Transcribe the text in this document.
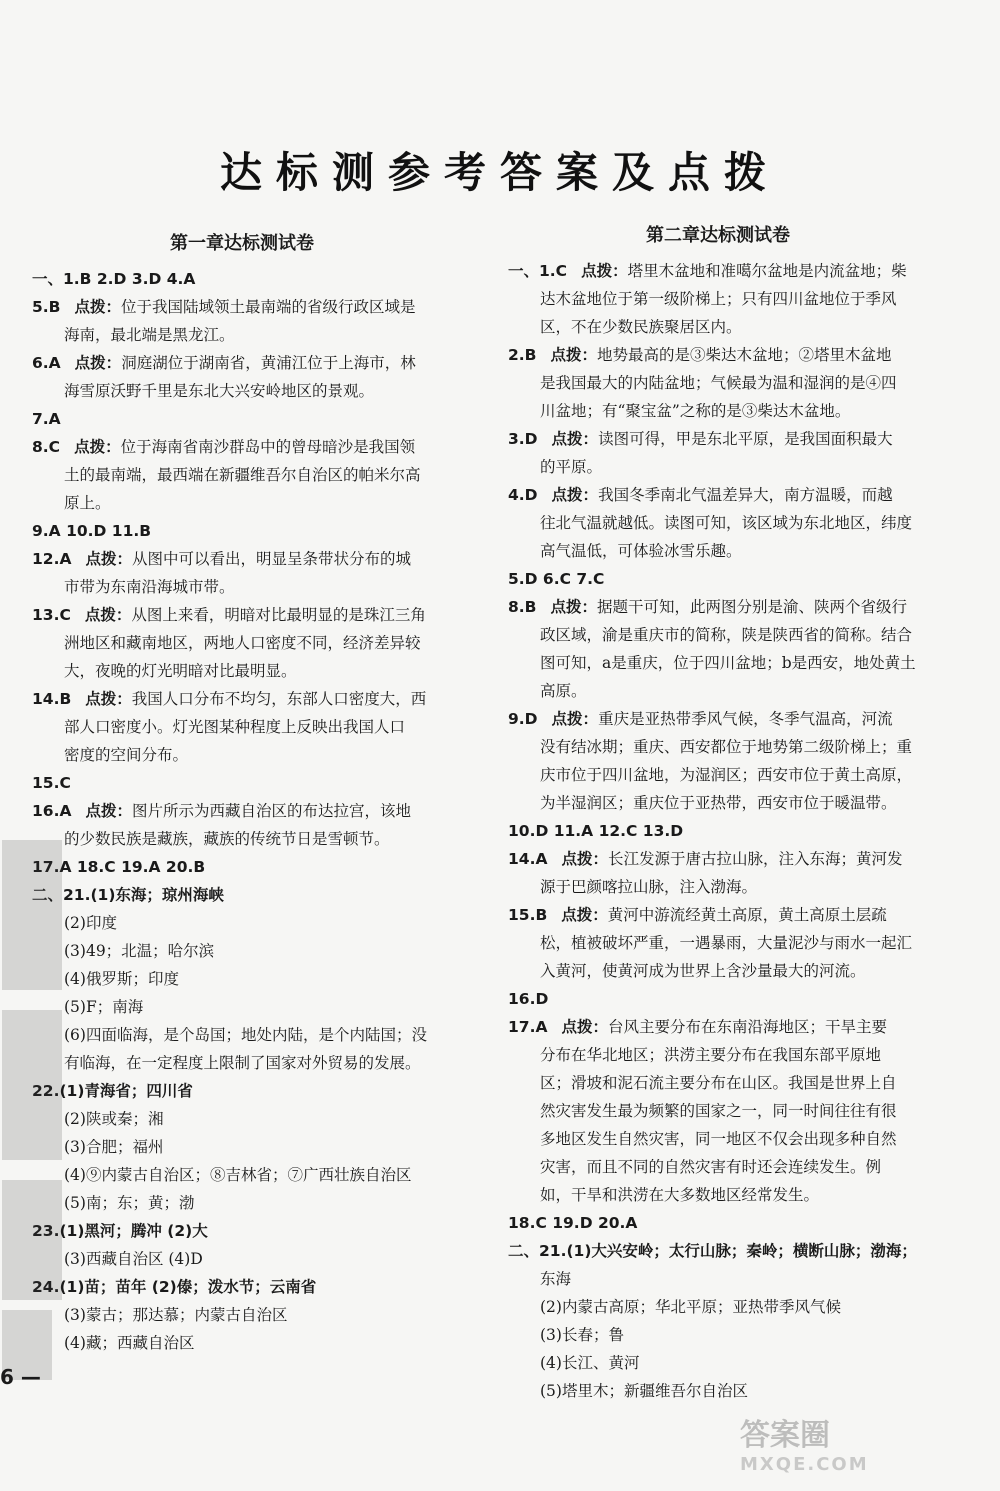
达标测参考答案及点拨
第一章达标测试卷
一、1.B 2.D 3.D 4.A
5.B 点拨：位于我国陆域领土最南端的省级行政区域是
海南，最北端是黑龙江。
6.A 点拨：洞庭湖位于湖南省，黄浦江位于上海市，林
海雪原沃野千里是东北大兴安岭地区的景观。
7.A
8.C 点拨：位于海南省南沙群岛中的曾母暗沙是我国领
土的最南端，最西端在新疆维吾尔自治区的帕米尔高
原上。
9.A 10.D 11.B
12.A 点拨：从图中可以看出，明显呈条带状分布的城
市带为东南沿海城市带。
13.C 点拨：从图上来看，明暗对比最明显的是珠江三角
洲地区和藏南地区，两地人口密度不同，经济差异较
大，夜晚的灯光明暗对比最明显。
14.B 点拨：我国人口分布不均匀，东部人口密度大，西
部人口密度小。灯光图某种程度上反映出我国人口
密度的空间分布。
15.C
16.A 点拨：图片所示为西藏自治区的布达拉宫，该地
的少数民族是藏族，藏族的传统节日是雪顿节。
17.A 18.C 19.A 20.B
二、21.(1)东海；琼州海峡
(2)印度
(3)49；北温；哈尔滨
(4)俄罗斯；印度
(5)F；南海
(6)四面临海，是个岛国；地处内陆，是个内陆国；没
有临海，在一定程度上限制了国家对外贸易的发展。
22.(1)青海省；四川省
(2)陕或秦；湘
(3)合肥；福州
(4)⑨内蒙古自治区；⑧吉林省；⑦广西壮族自治区
(5)南；东；黄；渤
23.(1)黑河；腾冲 (2)大
(3)西藏自治区 (4)D
24.(1)苗；苗年 (2)傣；泼水节；云南省
(3)蒙古；那达慕；内蒙古自治区
(4)藏；西藏自治区
第二章达标测试卷
一、1.C 点拨：塔里木盆地和准噶尔盆地是内流盆地；柴
达木盆地位于第一级阶梯上；只有四川盆地位于季风
区，不在少数民族聚居区内。
2.B 点拨：地势最高的是③柴达木盆地；②塔里木盆地
是我国最大的内陆盆地；气候最为温和湿润的是④四
川盆地；有“聚宝盆”之称的是③柴达木盆地。
3.D 点拨：读图可得，甲是东北平原，是我国面积最大
的平原。
4.D 点拨：我国冬季南北气温差异大，南方温暖，而越
往北气温就越低。读图可知，该区域为东北地区，纬度
高气温低，可体验冰雪乐趣。
5.D 6.C 7.C
8.B 点拨：据题干可知，此两图分别是渝、陕两个省级行
政区域，渝是重庆市的简称，陕是陕西省的简称。结合
图可知，a是重庆，位于四川盆地；b是西安，地处黄土
高原。
9.D 点拨：重庆是亚热带季风气候，冬季气温高，河流
没有结冰期；重庆、西安都位于地势第二级阶梯上；重
庆市位于四川盆地，为湿润区；西安市位于黄土高原，
为半湿润区；重庆位于亚热带，西安市位于暖温带。
10.D 11.A 12.C 13.D
14.A 点拨：长江发源于唐古拉山脉，注入东海；黄河发
源于巴颜喀拉山脉，注入渤海。
15.B 点拨：黄河中游流经黄土高原，黄土高原土层疏
松，植被破坏严重，一遇暴雨，大量泥沙与雨水一起汇
入黄河，使黄河成为世界上含沙量最大的河流。
16.D
17.A 点拨：台风主要分布在东南沿海地区；干旱主要
分布在华北地区；洪涝主要分布在我国东部平原地
区；滑坡和泥石流主要分布在山区。我国是世界上自
然灾害发生最为频繁的国家之一，同一时间往往有很
多地区发生自然灾害，同一地区不仅会出现多种自然
灾害，而且不同的自然灾害有时还会连续发生。例
如，干旱和洪涝在大多数地区经常发生。
18.C 19.D 20.A
二、21.(1)大兴安岭；太行山脉；秦岭；横断山脉；渤海；
东海
(2)内蒙古高原；华北平原；亚热带季风气候
(3)长春；鲁
(4)长江、黄河
(5)塔里木；新疆维吾尔自治区
6 —
答案圈
MXQE.COM
